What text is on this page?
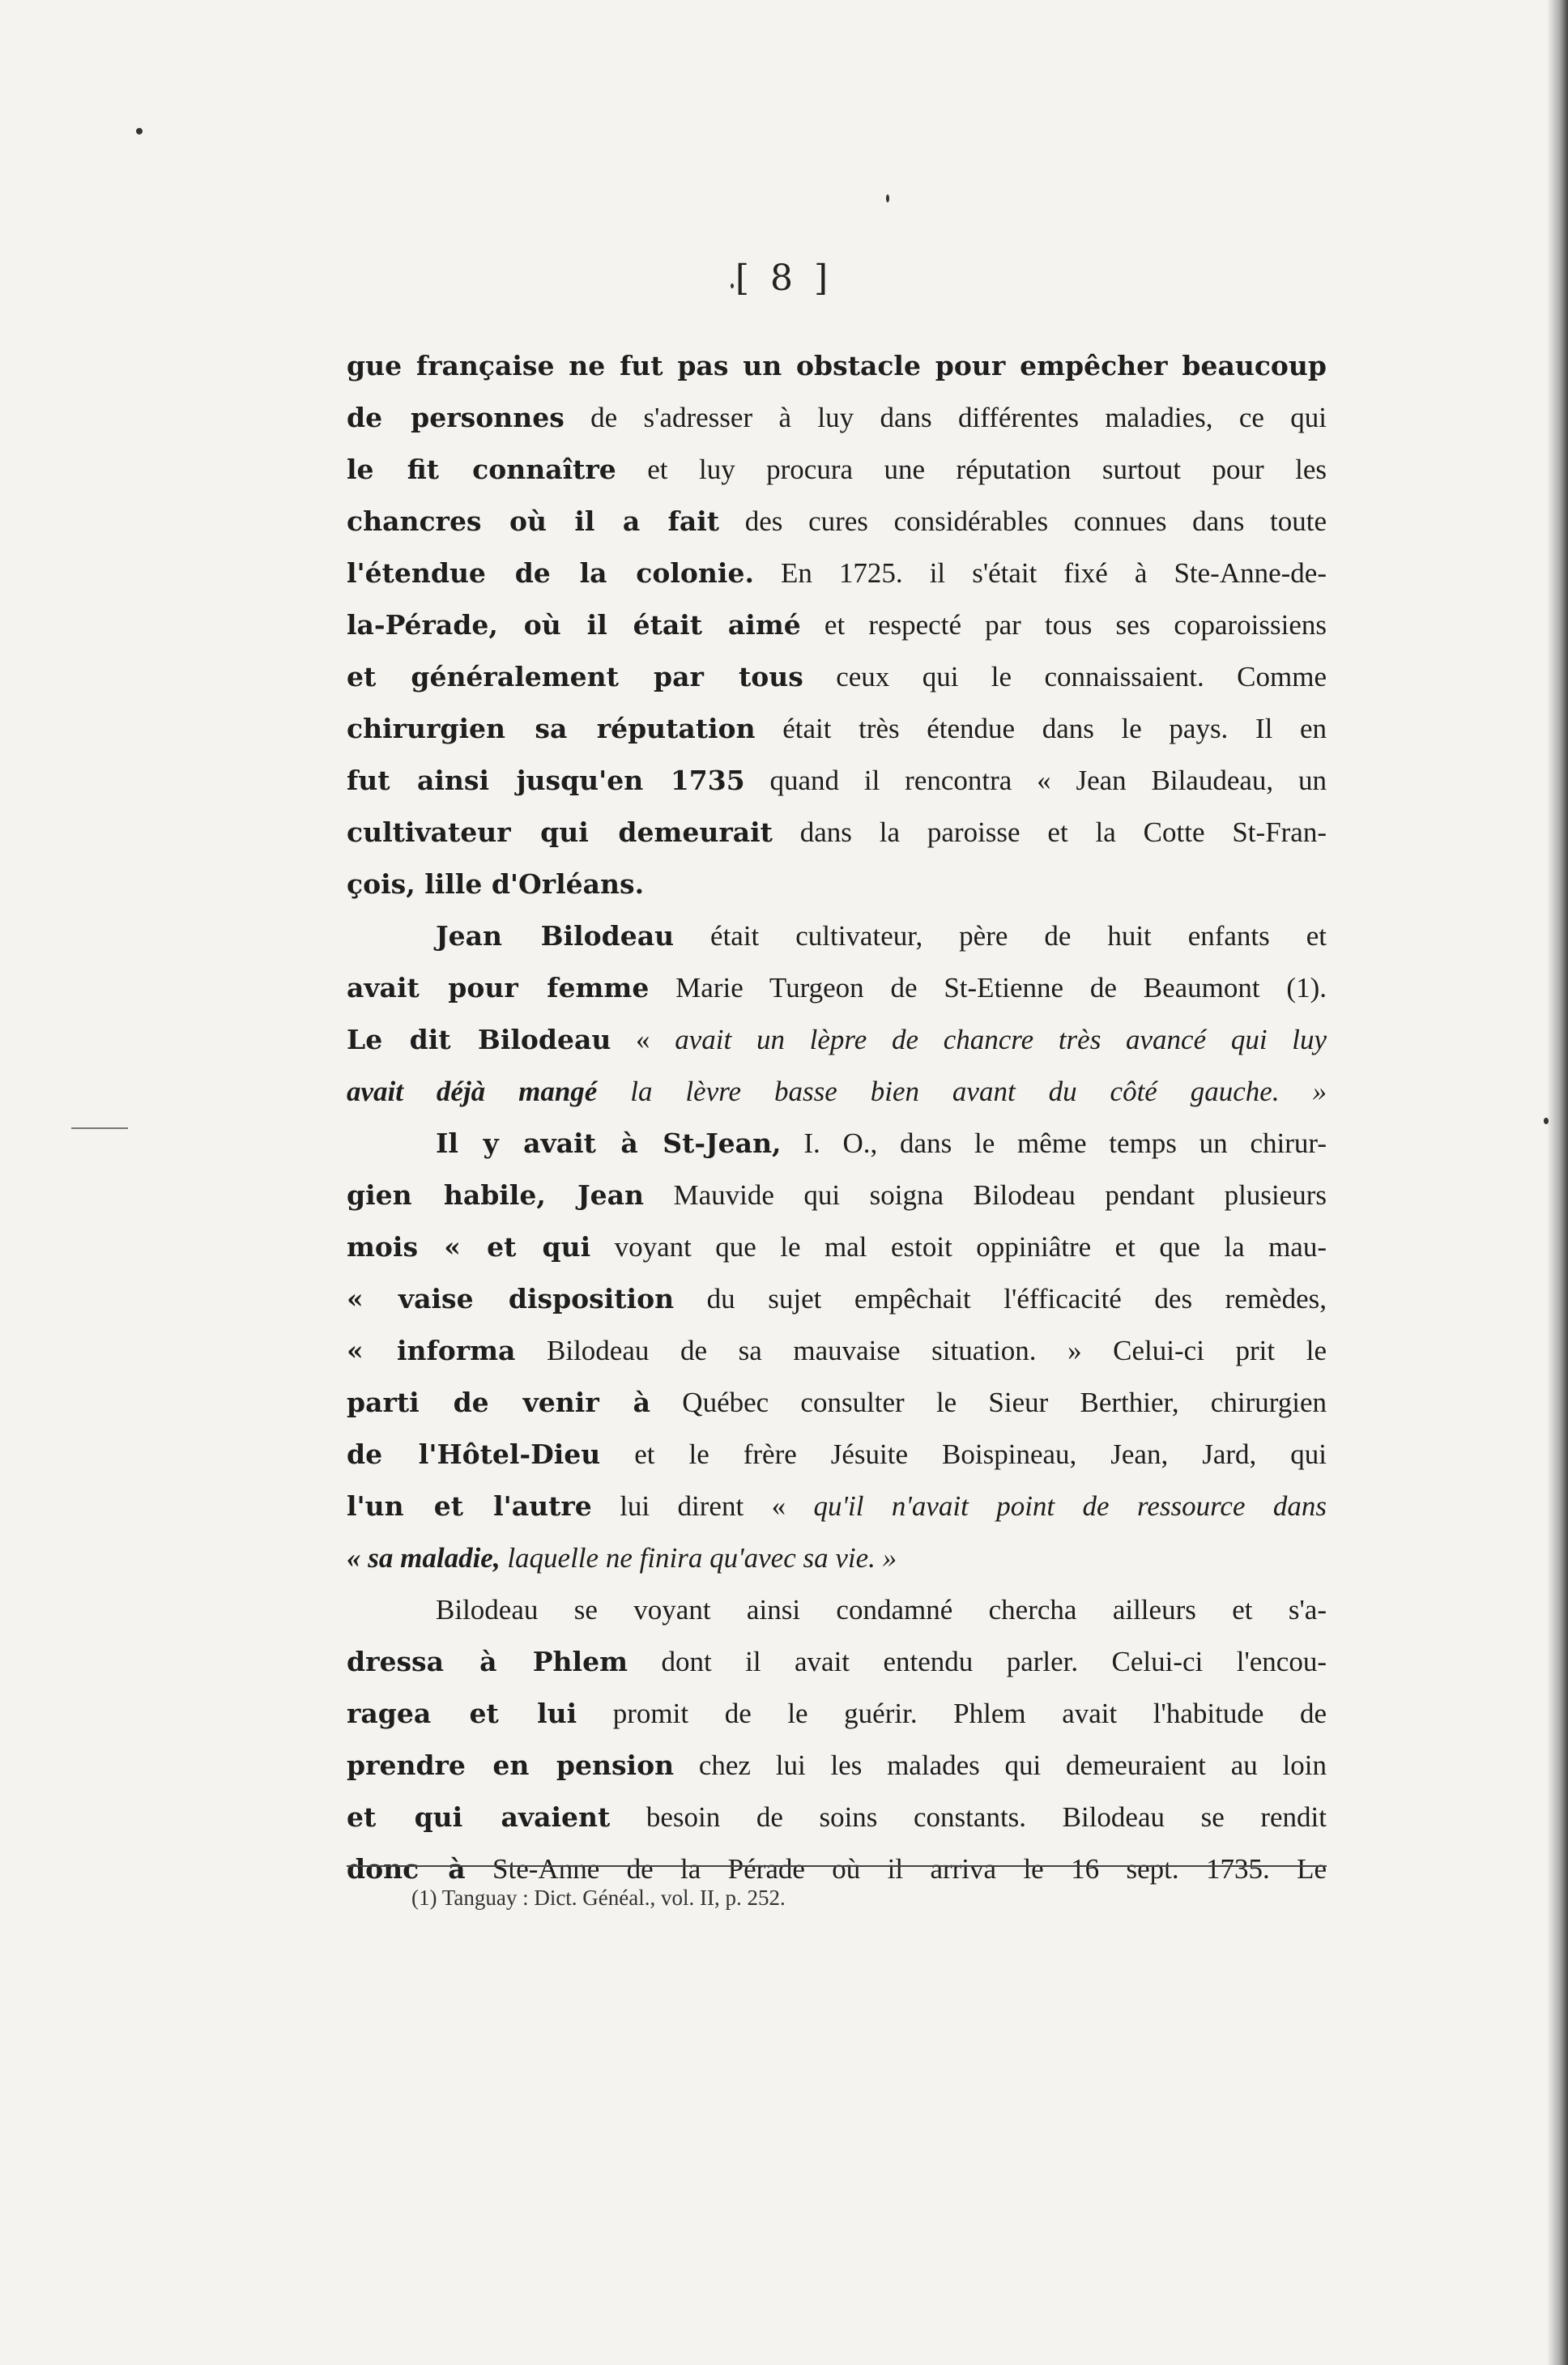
[ 8 ]
gue française ne fut pas un obstacle pour empêcher beaucoup
de personnes de s'adresser à luy dans différentes maladies, ce qui
le fit connaître et luy procura une réputation surtout pour les
chancres où il a fait des cures considérables connues dans toute
l'étendue de la colonie. En 1725. il s'était fixé à Ste-Anne-de-
la-Pérade, où il était aimé et respecté par tous ses coparoissiens
et généralement par tous ceux qui le connaissaient. Comme
chirurgien sa réputation était très étendue dans le pays. Il en
fut ainsi jusqu'en 1735 quand il rencontra « Jean Bilaudeau, un
cultivateur qui demeurait dans la paroisse et la Cotte St-Fran-
çois, lille d'Orléans.
Jean Bilodeau était cultivateur, père de huit enfants et
avait pour femme Marie Turgeon de St-Etienne de Beaumont (1).
Le dit Bilodeau « avait un lèpre de chancre très avancé qui luy
avait déjà mangé la lèvre basse bien avant du côté gauche. »
Il y avait à St-Jean, I. O., dans le même temps un chirur-
gien habile, Jean Mauvide qui soigna Bilodeau pendant plusieurs
mois « et qui voyant que le mal estoit oppiniâtre et que la mau-
« vaise disposition du sujet empêchait l'éfficacité des remèdes,
« informa Bilodeau de sa mauvaise situation. » Celui-ci prit le
parti de venir à Québec consulter le Sieur Berthier, chirurgien
de l'Hôtel-Dieu et le frère Jésuite Boispineau, Jean, Jard, qui
l'un et l'autre lui dirent « qu'il n'avait point de ressource dans
« sa maladie, laquelle ne finira qu'avec sa vie. »
Bilodeau se voyant ainsi condamné chercha ailleurs et s'a-
dressa à Phlem dont il avait entendu parler. Celui-ci l'encou-
ragea et lui promit de le guérir. Phlem avait l'habitude de
prendre en pension chez lui les malades qui demeuraient au loin
et qui avaient besoin de soins constants. Bilodeau se rendit
donc à Ste-Anne de la Pérade où il arriva le 16 sept. 1735. Le
(1) Tanguay : Dict. Généal., vol. II, p. 252.
